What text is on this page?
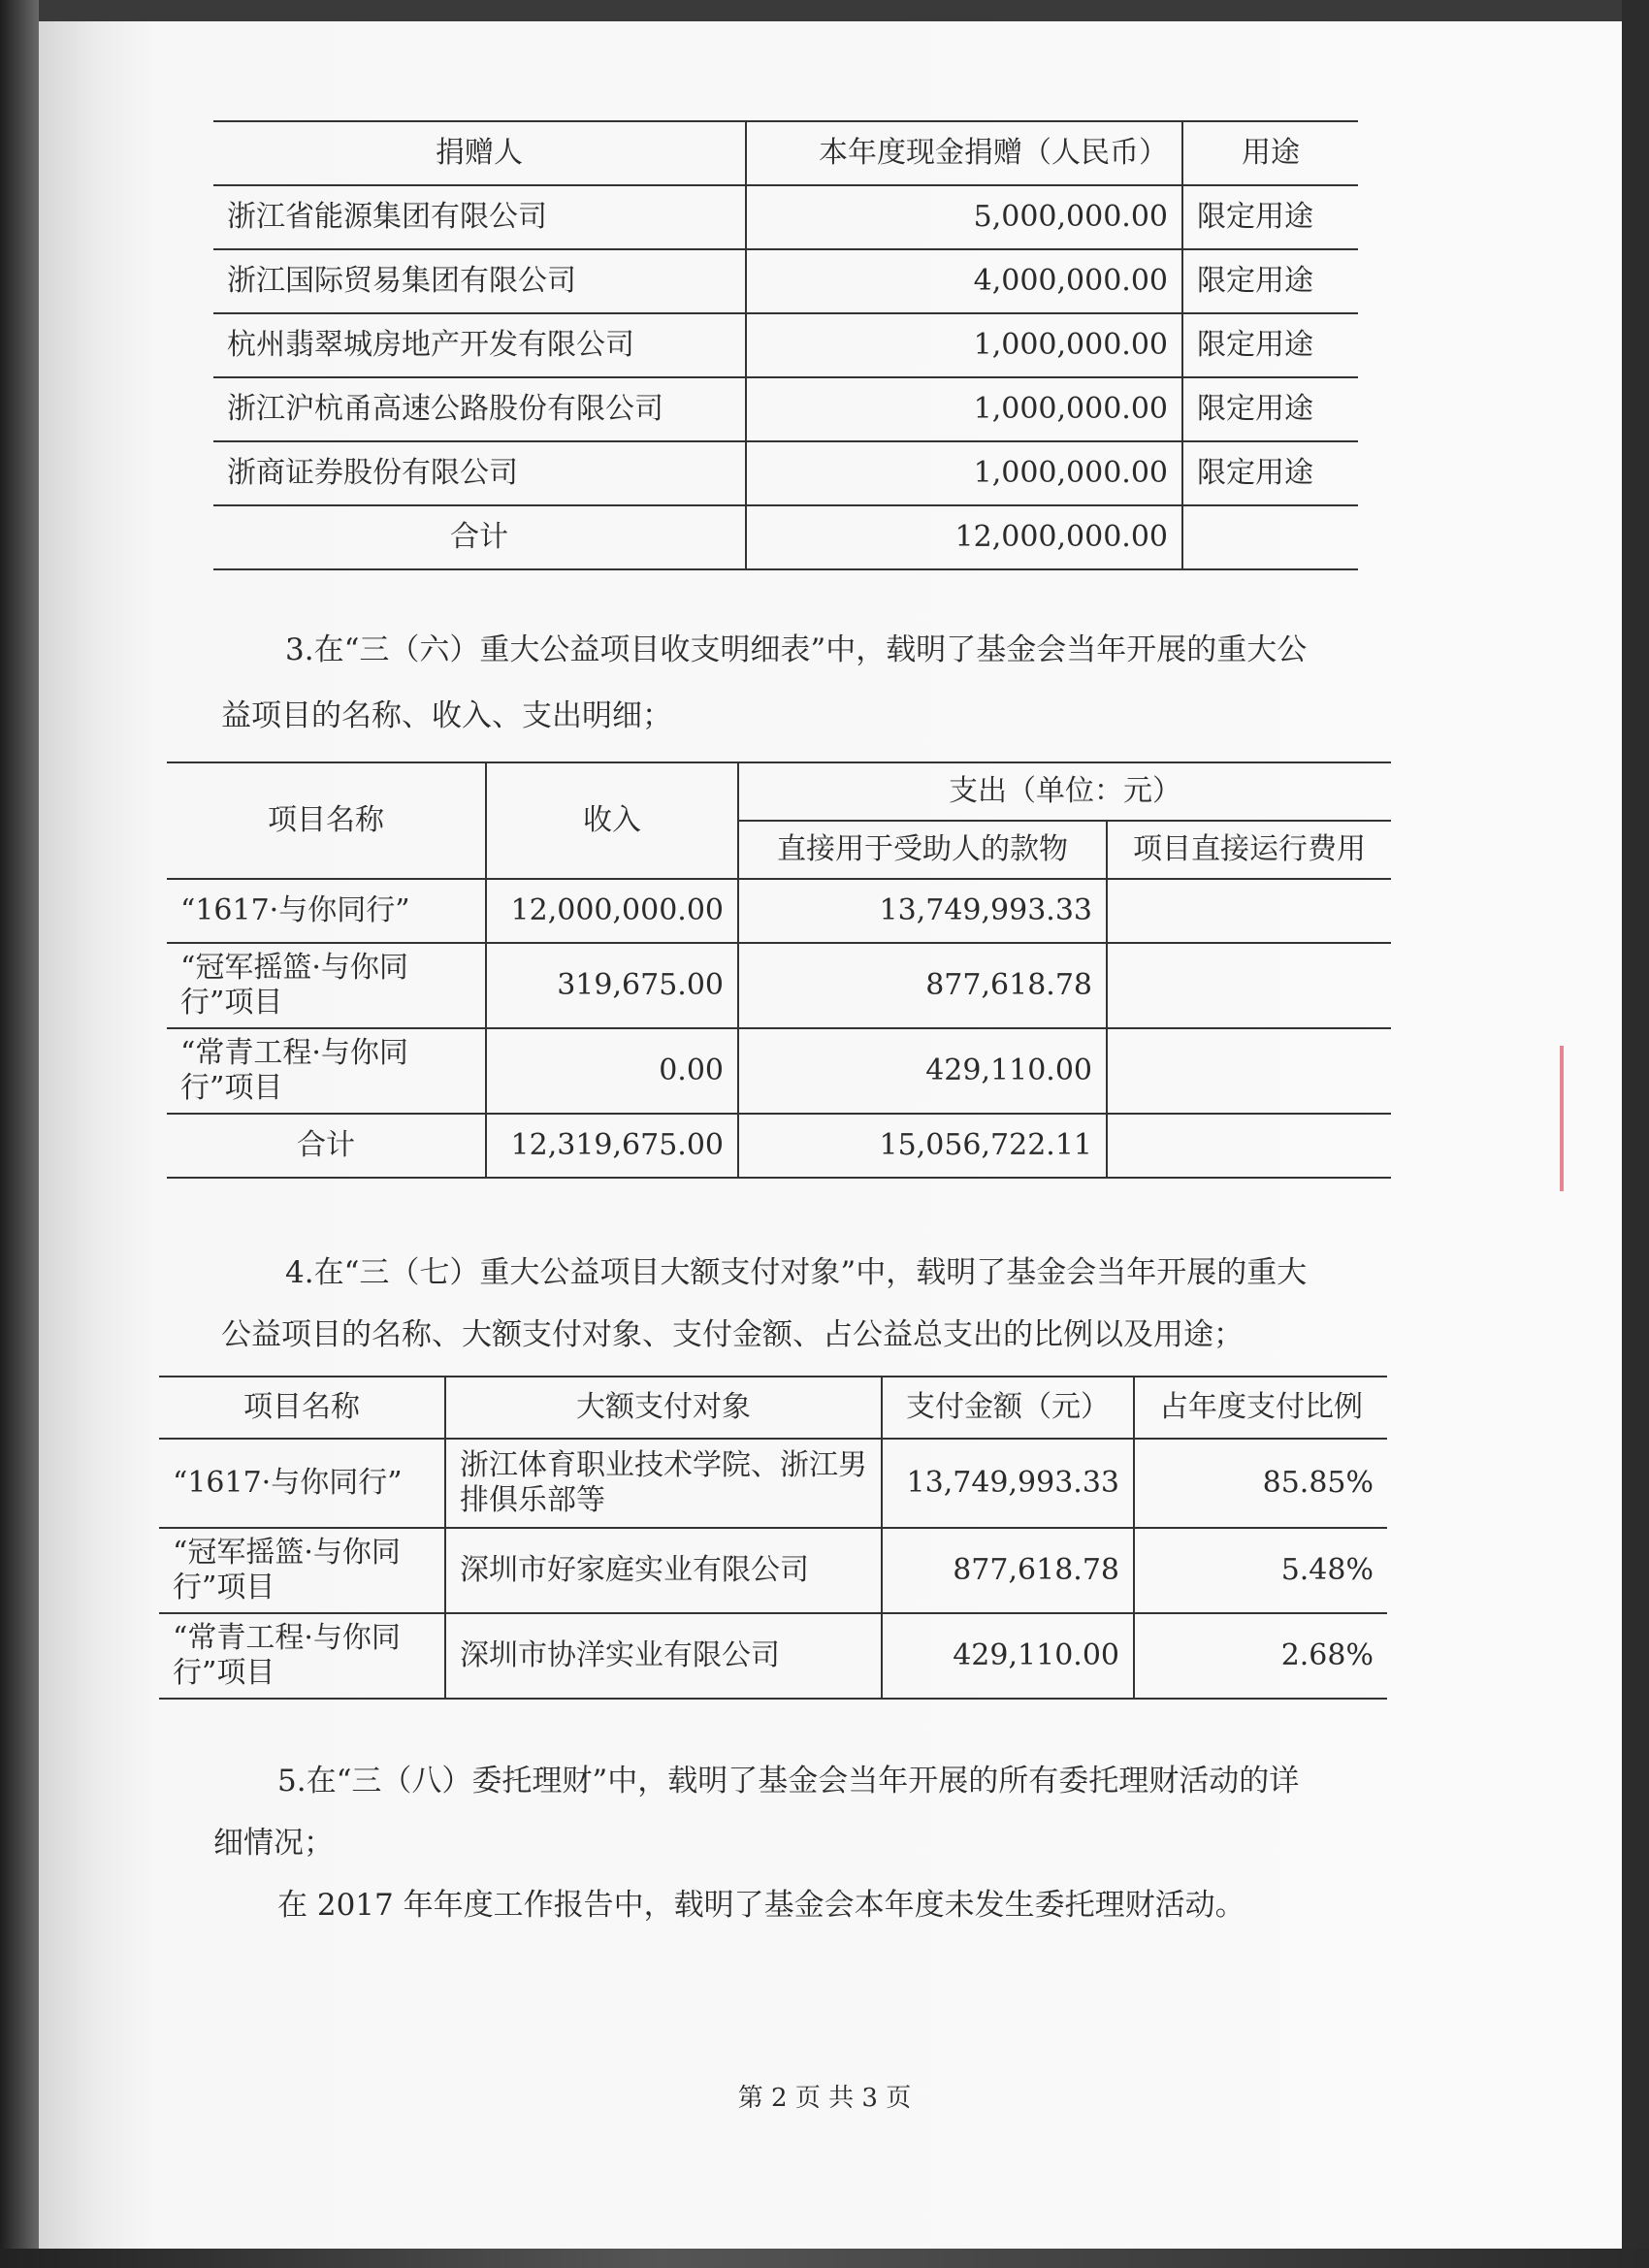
捐赠人	本年度现金捐赠（人民币）	用途
浙江省能源集团有限公司	5,000,000.00	限定用途
浙江国际贸易集团有限公司	4,000,000.00	限定用途
杭州翡翠城房地产开发有限公司	1,000,000.00	限定用途
浙江沪杭甬高速公路股份有限公司	1,000,000.00	限定用途
浙商证券股份有限公司	1,000,000.00	限定用途
合计	12,000,000.00	
3.在“三（六）重大公益项目收支明细表”中，载明了基金会当年开展的重大公
益项目的名称、收入、支出明细；
项目名称	收入	支出（单位：元）	
		直接用于受助人的款物	项目直接运行费用
“1617·与你同行”	12,000,000.00	13,749,993.33	
“冠军摇篮·与你同行”项目	319,675.00	877,618.78	
“常青工程·与你同行”项目	0.00	429,110.00	
合计	12,319,675.00	15,056,722.11	
4.在“三（七）重大公益项目大额支付对象”中，载明了基金会当年开展的重大
公益项目的名称、大额支付对象、支付金额、占公益总支出的比例以及用途；
项目名称	大额支付对象	支付金额（元）	占年度支付比例
“1617·与你同行”	浙江体育职业技术学院、浙江男排俱乐部等	13,749,993.33	85.85%
“冠军摇篮·与你同行”项目	深圳市好家庭实业有限公司	877,618.78	5.48%
“常青工程·与你同行”项目	深圳市协洋实业有限公司	429,110.00	2.68%
5.在“三（八）委托理财”中，载明了基金会当年开展的所有委托理财活动的详
细情况；
在 2017 年年度工作报告中，载明了基金会本年度未发生委托理财活动。
第 2 页 共 3 页
